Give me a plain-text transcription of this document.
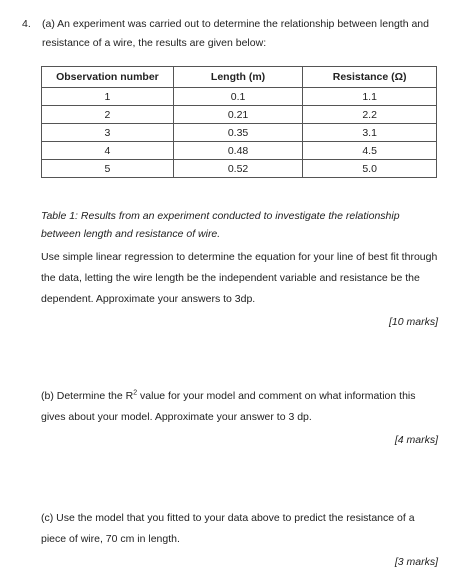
4. (a) An experiment was carried out to determine the relationship between length and
resistance of a wire, the results are given below:
Observation number	Length (m)	Resistance (Ω)
1	0.1	1.1
2	0.21	2.2
3	0.35	3.1
4	0.48	4.5
5	0.52	5.0
Table 1: Results from an experiment conducted to investigate the relationship
between length and resistance of wire.
Use simple linear regression to determine the equation for your line of best fit through the data, letting the wire length be the independent variable and resistance be the dependent. Approximate your answers to 3dp.
[10 marks]
(b) Determine the $R^2$ value for your model and comment on what information this gives about your model. Approximate your answer to 3 dp.
[4 marks]
(c) Use the model that you fitted to your data above to predict the resistance of a piece of wire, 70 cm in length.
[3 marks]
